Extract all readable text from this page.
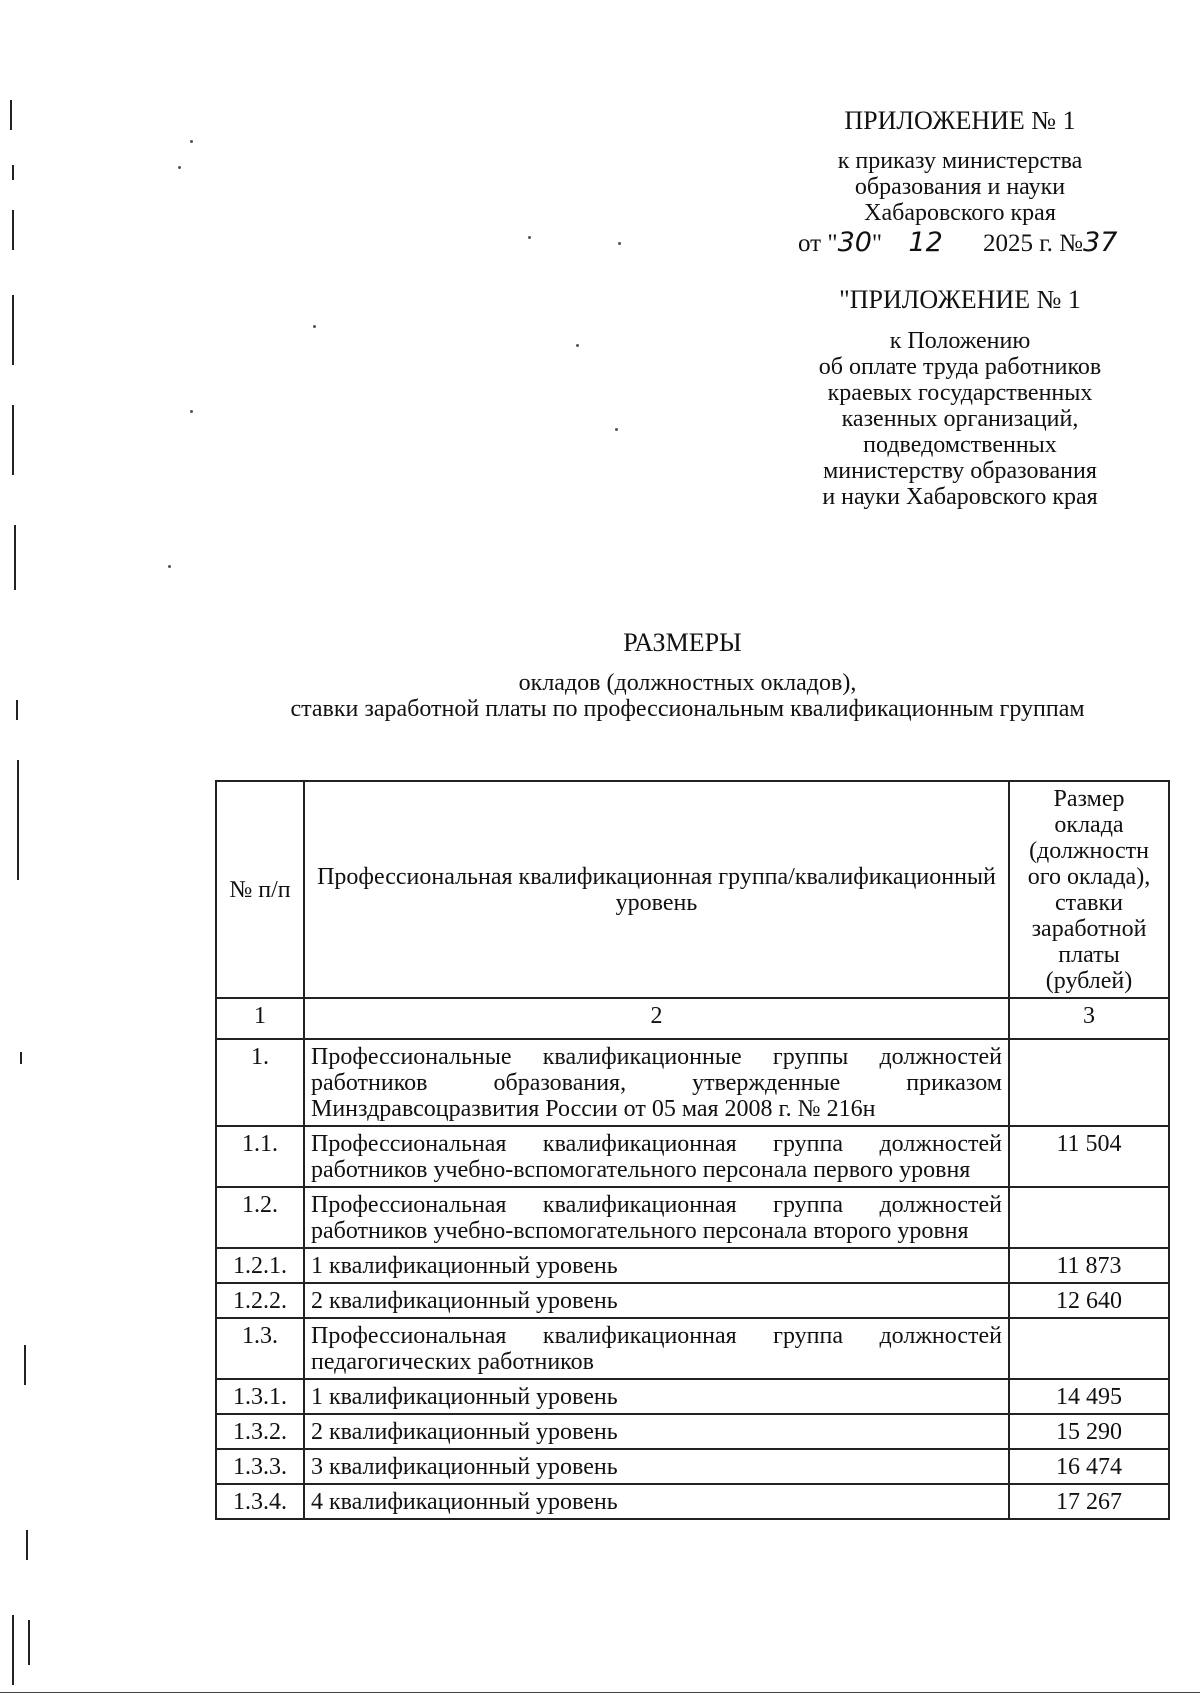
ПРИЛОЖЕНИЕ № 1
к приказу министерства
образования и науки
Хабаровского края
от "30" 12 2025 г. №37
"ПРИЛОЖЕНИЕ № 1
к Положению
об оплате труда работников
краевых государственных
казенных организаций,
подведомственных
министерству образования
и науки Хабаровского края
РАЗМЕРЫ
окладов (должностных окладов),
ставки заработной платы по профессиональным квалификационным группам
№ п/п	Профессиональная квалификационная группа/квалификационный уровень	Размер оклада (должностн ого оклада), ставки заработной платы (рублей)
1	2	3
1.	Профессиональные квалификационные группы должностей работников образования, утвержденные приказом Минздравсоцразвития России от 05 мая 2008 г. № 216н	
1.1.	Профессиональная квалификационная группа должностей работников учебно-вспомогательного персонала первого уровня	11 504
1.2.	Профессиональная квалификационная группа должностей работников учебно-вспомогательного персонала второго уровня	
1.2.1.	1 квалификационный уровень	11 873
1.2.2.	2 квалификационный уровень	12 640
1.3.	Профессиональная квалификационная группа должностей педагогических работников	
1.3.1.	1 квалификационный уровень	14 495
1.3.2.	2 квалификационный уровень	15 290
1.3.3.	3 квалификационный уровень	16 474
1.3.4.	4 квалификационный уровень	17 267
